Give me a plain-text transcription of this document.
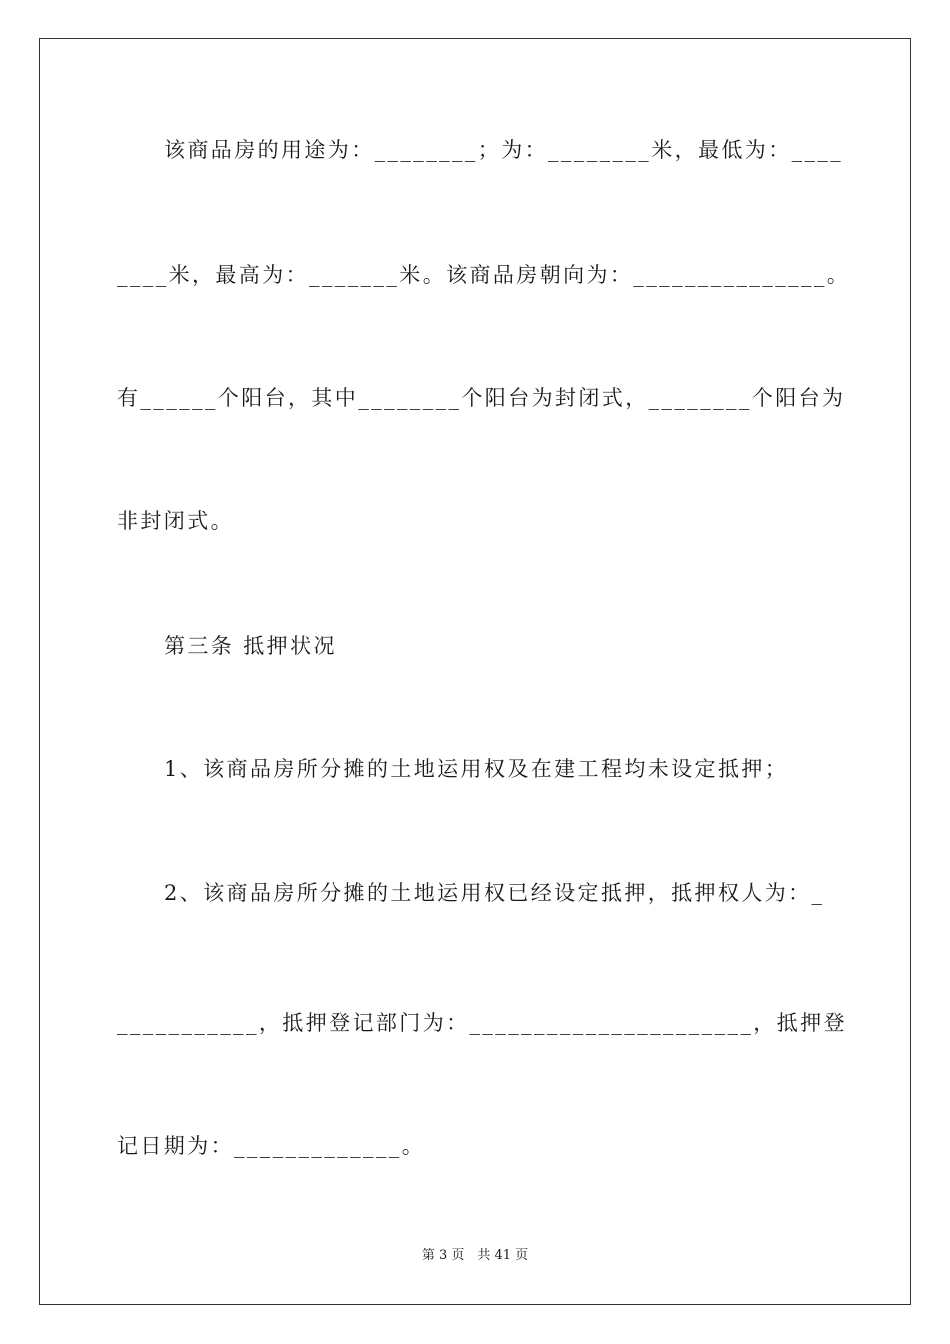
该商品房的用途为：________；为：________米，最低为：____
____米，最高为：_______米。该商品房朝向为：_______________。
有______个阳台，其中________个阳台为封闭式，________个阳台为
非封闭式。
第三条 抵押状况
1、该商品房所分摊的土地运用权及在建工程均未设定抵押；
2、该商品房所分摊的土地运用权已经设定抵押，抵押权人为：_
___________，抵押登记部门为：______________________，抵押登
记日期为：_____________。
第 3 页　共 41 页
